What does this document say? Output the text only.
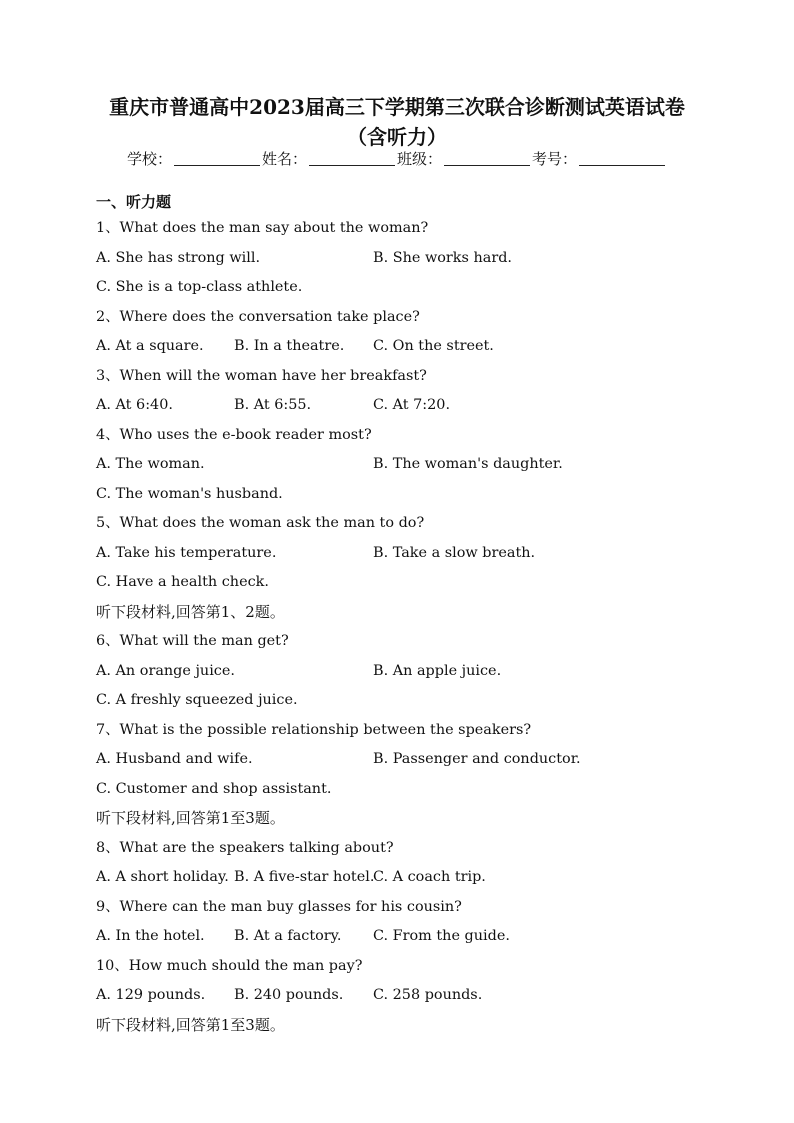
重庆市普通高中2023届高三下学期第三次联合诊断测试英语试卷（含听力）
学校：	姓名：	班级：	考号：
一、听力题
1、What does the man say about the woman?
A. She has strong will.	B. She works hard.
C. She is a top-class athlete.
2、Where does the conversation take place?
A. At a square. B. In a theatre. C. On the street.
3、When will the woman have her breakfast?
A. At 6:40.	B. At 6:55.	C. At 7:20.
4、Who uses the e-book reader most?
A. The woman.	B. The woman's daughter.
C. The woman's husband.
5、What does the woman ask the man to do?
A. Take his temperature.	B. Take a slow breath.
C. Have a health check.
听下段材料,回答第1、2题。
6、What will the man get?
A. An orange juice.	B. An apple juice.
C. A freshly squeezed juice.
7、What is the possible relationship between the speakers?
A. Husband and wife.	B. Passenger and conductor.
C. Customer and shop assistant.
听下段材料,回答第1至3题。
8、What are the speakers talking about?
A. A short holiday. B. A five-star hotel.
C. A coach trip.
9、Where can the man buy glasses for his cousin?
A. In the hotel. B. At a factory. C. From the guide.
10、How much should the man pay?
A. 129 pounds. B. 240 pounds. C. 258 pounds.
听下段材料,回答第1至3题。
